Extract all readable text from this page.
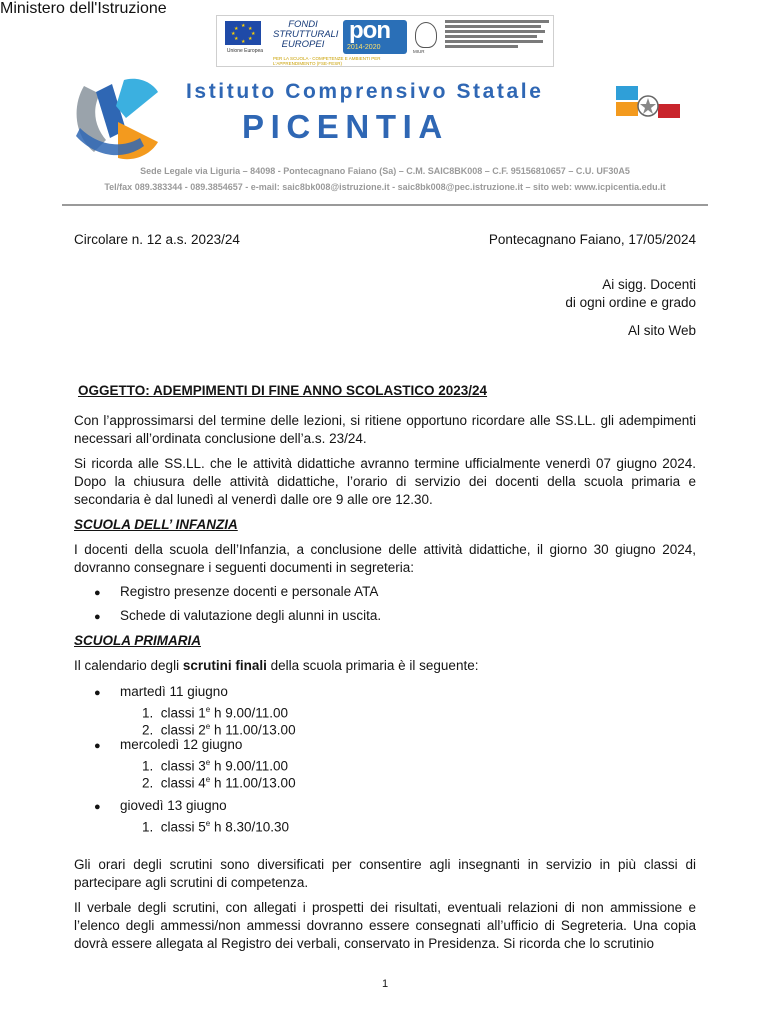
★ ★
★
★
★
★
★
★
Unione Europea
FONDI
STRUTTURALI
EUROPEI
pon
2014-2020
MIUR
PER LA SCUOLA - COMPETENZE E AMBIENTI PER L'APPRENDIMENTO (FSE-FESR)
Ministero dell'Istruzione
Istituto Comprensivo Statale
PICENTIA
Sede Legale via Liguria – 84098 - Pontecagnano Faiano (Sa) – C.M. SAIC8BK008 – C.F. 95156810657 – C.U. UF30A5
Tel/fax 089.383344 - 089.3854657 - e-mail: saic8bk008@istruzione.it - saic8bk008@pec.istruzione.it – sito web: www.icpicentia.edu.it
Circolare n. 12 a.s. 2023/24	Pontecagnano Faiano, 17/05/2024
Ai sigg. Docenti
di ogni ordine e grado
Al sito Web
OGGETTO: ADEMPIMENTI DI FINE ANNO SCOLASTICO 2023/24
Con l’approssimarsi del termine delle lezioni, si ritiene opportuno ricordare alle SS.LL. gli adempimenti necessari all’ordinata conclusione dell’a.s. 23/24.
Si ricorda alle SS.LL. che le attività didattiche avranno termine ufficialmente venerdì 07 giugno 2024. Dopo la chiusura delle attività didattiche, l’orario di servizio dei docenti della scuola primaria e secondaria è dal lunedì al venerdì dalle ore 9 alle ore 12.30.
SCUOLA DELL’ INFANZIA
I docenti della scuola dell’Infanzia, a conclusione delle attività didattiche, il giorno 30 giugno 2024, dovranno consegnare i seguenti documenti in segreteria:
● Registro presenze docenti e personale ATA
● Schede di valutazione degli alunni in uscita.
SCUOLA PRIMARIA
Il calendario degli scrutini finali della scuola primaria è il seguente:
● martedì 11 giugno
1. classi 1e h 9.00/11.00
2. classi 2e h 11.00/13.00
● mercoledì 12 giugno
1. classi 3e h 9.00/11.00
2. classi 4e h 11.00/13.00
● giovedì 13 giugno
1. classi 5e h 8.30/10.30
Gli orari degli scrutini sono diversificati per consentire agli insegnanti in servizio in più classi di partecipare agli scrutini di competenza.
Il verbale degli scrutini, con allegati i prospetti dei risultati, eventuali relazioni di non ammissione e l’elenco degli ammessi/non ammessi dovranno essere consegnati all’ufficio di Segreteria. Una copia dovrà essere allegata al Registro dei verbali, conservato in Presidenza. Si ricorda che lo scrutinio
1
